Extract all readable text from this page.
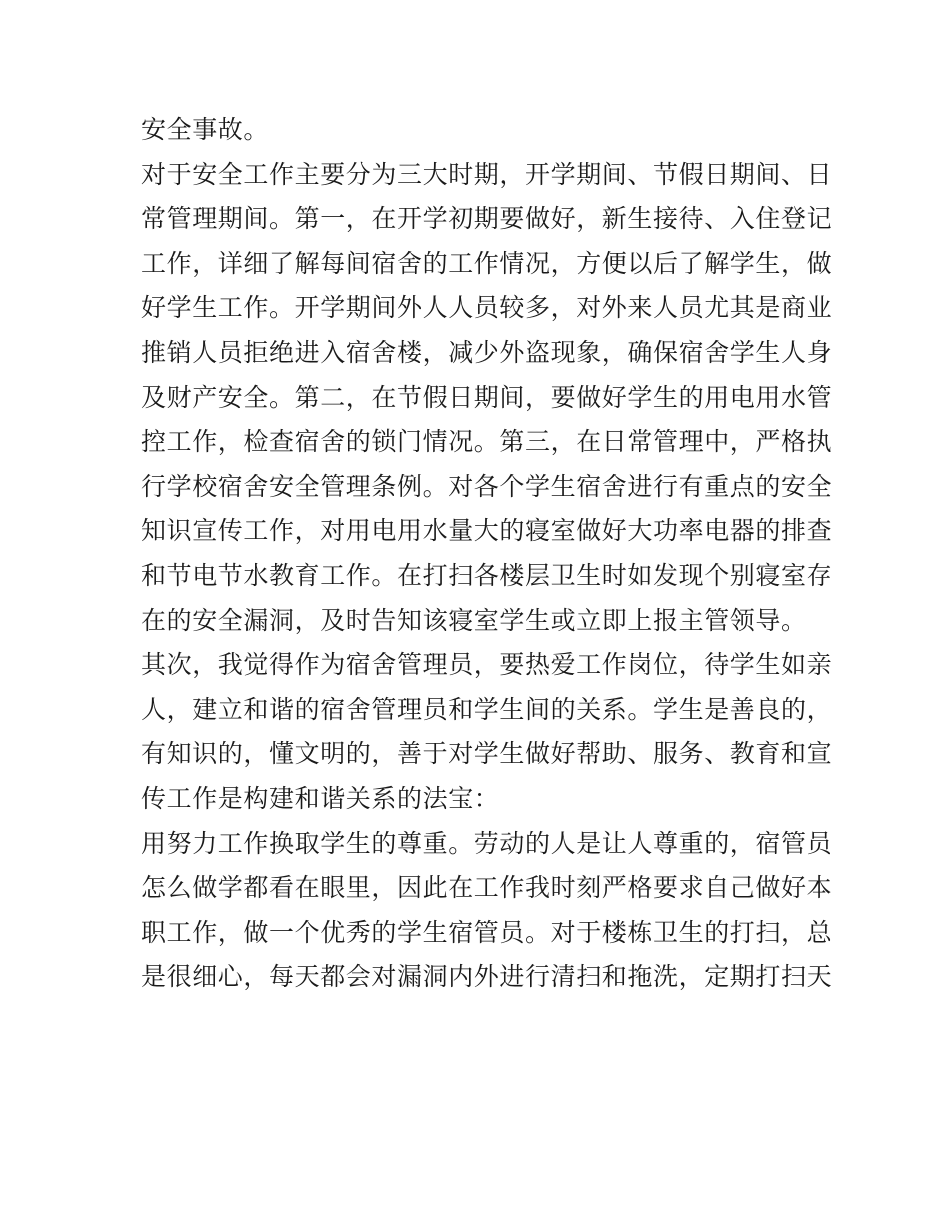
安全事故。
对于安全工作主要分为三大时期，开学期间、节假日期间、日
常管理期间。第一，在开学初期要做好，新生接待、入住登记
工作，详细了解每间宿舍的工作情况，方便以后了解学生，做
好学生工作。开学期间外人人员较多，对外来人员尤其是商业
推销人员拒绝进入宿舍楼，减少外盗现象，确保宿舍学生人身
及财产安全。第二，在节假日期间，要做好学生的用电用水管
控工作，检查宿舍的锁门情况。第三，在日常管理中，严格执
行学校宿舍安全管理条例。对各个学生宿舍进行有重点的安全
知识宣传工作，对用电用水量大的寝室做好大功率电器的排查
和节电节水教育工作。在打扫各楼层卫生时如发现个别寝室存
在的安全漏洞，及时告知该寝室学生或立即上报主管领导。
其次，我觉得作为宿舍管理员，要热爱工作岗位，待学生如亲
人，建立和谐的宿舍管理员和学生间的关系。学生是善良的，
有知识的，懂文明的，善于对学生做好帮助、服务、教育和宣
传工作是构建和谐关系的法宝：
用努力工作换取学生的尊重。劳动的人是让人尊重的，宿管员
怎么做学都看在眼里，因此在工作我时刻严格要求自己做好本
职工作，做一个优秀的学生宿管员。对于楼栋卫生的打扫，总
是很细心，每天都会对漏洞内外进行清扫和拖洗，定期打扫天
